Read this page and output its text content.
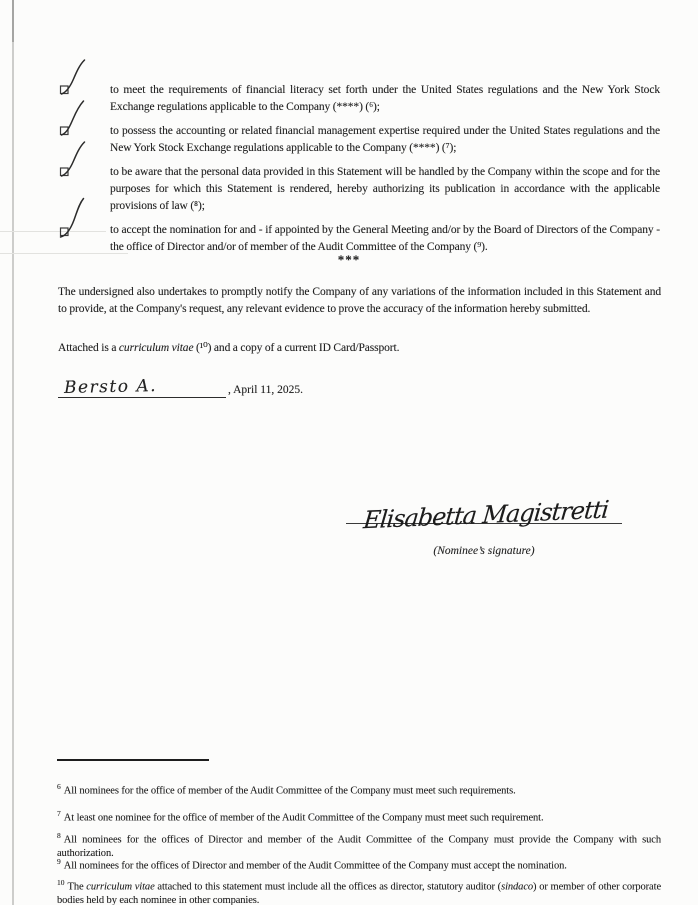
to meet the requirements of financial literacy set forth under the United States regulations and the New York Stock Exchange regulations applicable to the Company (****) (⁶);
to possess the accounting or related financial management expertise required under the United States regulations and the New York Stock Exchange regulations applicable to the Company (****) (⁷);
to be aware that the personal data provided in this Statement will be handled by the Company within the scope and for the purposes for which this Statement is rendered, hereby authorizing its publication in accordance with the applicable provisions of law (⁸);
to accept the nomination for and - if appointed by the General Meeting and/or by the Board of Directors of the Company - the office of Director and/or of member of the Audit Committee of the Company (⁹).
***
The undersigned also undertakes to promptly notify the Company of any variations of the information included in this Statement and to provide, at the Company's request, any relevant evidence to prove the accuracy of the information hereby submitted.
Attached is a curriculum vitae (¹⁰) and a copy of a current ID Card/Passport.
Bersto A.	, April 11, 2025.
Elisabetta Magistretti
(Nominee’s signature)

$^6$ All nominees for the office of member of the Audit Committee of the Company must meet such requirements.

$^7$ At least one nominee for the office of member of the Audit Committee of the Company must meet such requirement.

$^8$ All nominees for the offices of Director and member of the Audit Committee of the Company must provide the Company with such authorization.

$^9$ All nominees for the offices of Director and member of the Audit Committee of the Company must accept the nomination.

$^{10}$ The curriculum vitae attached to this statement must include all the offices as director, statutory auditor (sindaco) or member of other corporate bodies held by each nominee in other companies.
